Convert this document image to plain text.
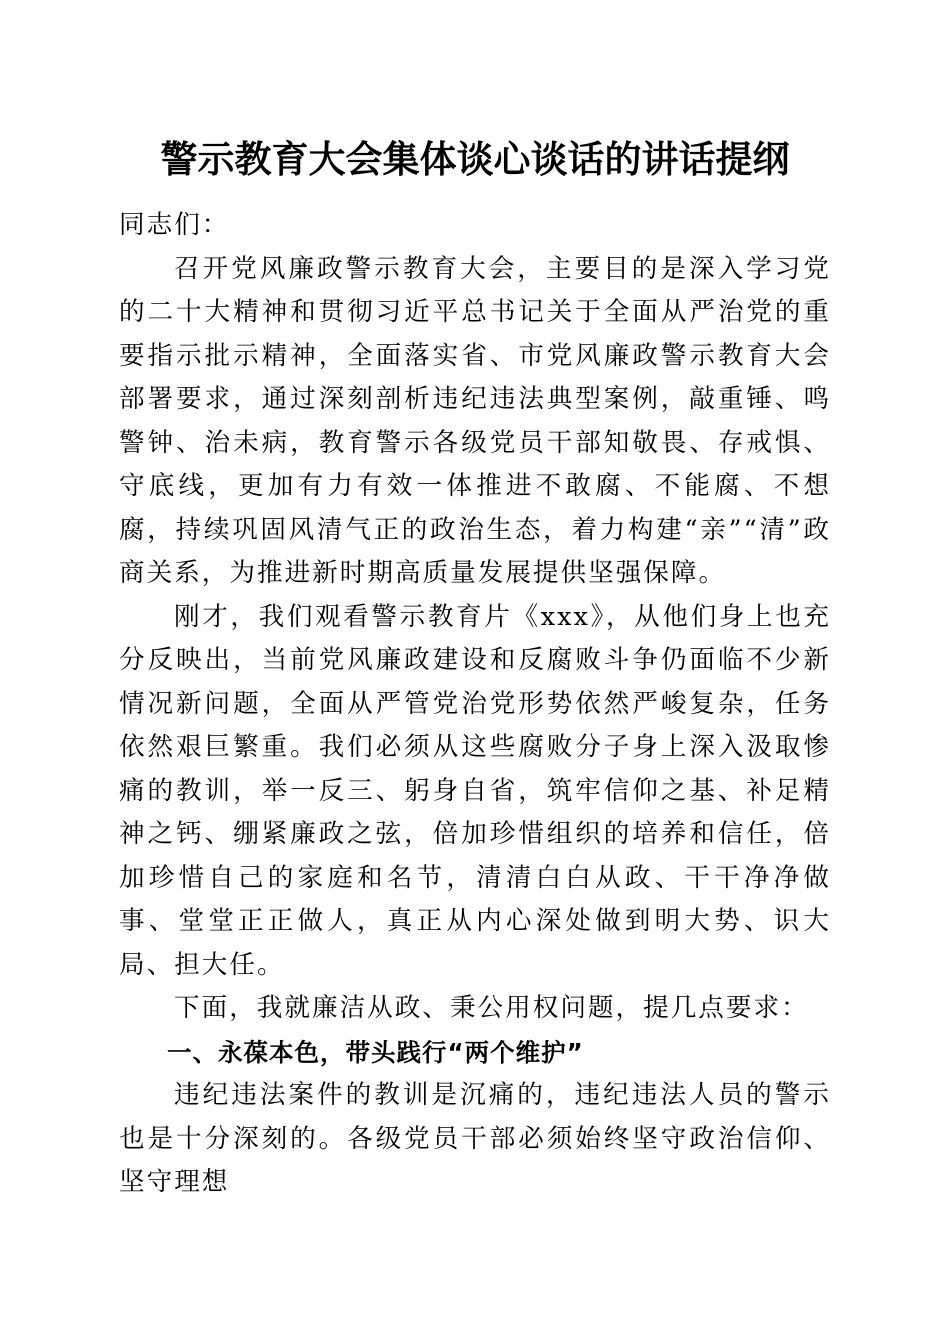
警示教育大会集体谈心谈话的讲话提纲

同志们：

召开党风廉政警示教育大会，主要目的是深入学习党的二十大精神和贯彻习近平总书记关于全面从严治党的重要指示批示精神，全面落实省、市党风廉政警示教育大会部署要求，通过深刻剖析违纪违法典型案例，敲重锤、鸣警钟、治未病，教育警示各级党员干部知敬畏、存戒惧、守底线，更加有力有效一体推进不敢腐、不能腐、不想腐，持续巩固风清气正的政治生态，着力构建“亲”“清”政商关系，为推进新时期高质量发展提供坚强保障。

刚才，我们观看警示教育片《xxx》，从他们身上也充分反映出，当前党风廉政建设和反腐败斗争仍面临不少新情况新问题，全面从严管党治党形势依然严峻复杂，任务依然艰巨繁重。我们必须从这些腐败分子身上深入汲取惨痛的教训，举一反三、躬身自省，筑牢信仰之基、补足精神之钙、绷紧廉政之弦，倍加珍惜组织的培养和信任，倍加珍惜自己的家庭和名节，清清白白从政、干干净净做事、堂堂正正做人，真正从内心深处做到明大势、识大局、担大任。

下面，我就廉洁从政、秉公用权问题，提几点要求：

一、永葆本色，带头践行“两个维护”

违纪违法案件的教训是沉痛的，违纪违法人员的警示也是十分深刻的。各级党员干部必须始终坚守政治信仰、坚守理想
